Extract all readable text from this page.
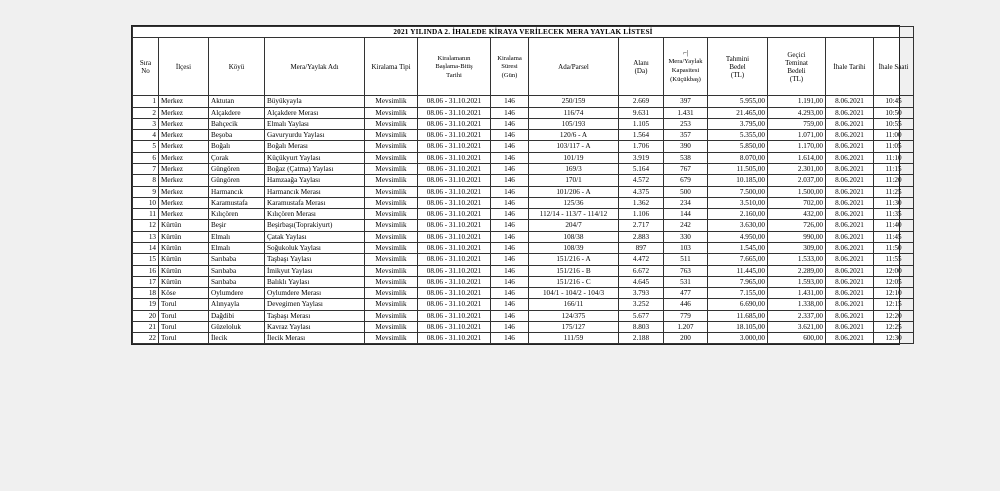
2021 YILINDA 2. İHALEDE KİRAYA VERİLECEK MERA YAYLAK LİSTESİ													
Sıra
No	İlçesi	Köyü	Mera/Yaylak Adı	Kiralama Tipi	Kiralamanın
Başlama-Bitiş
Tarihi	Kiralama
Süresi
(Gün)	Ada/Parsel	Alanı
(Da)	⌐|
Mera/Yaylak
Kapasitesi
(Küçükbaş)	Tahmini
Bedel
(TL)	Geçici
Teminat
Bedeli
(TL)	İhale Tarihi	İhale Saati
1	Merkez	Aktutan	Büyükyayla	Mevsimlik	08.06 - 31.10.2021	146	250/159	2.669	397	5.955,00	1.191,00	8.06.2021	10:45
2	Merkez	Alçakdere	Alçakdere Merası	Mevsimlik	08.06 - 31.10.2021	146	116/74	9.631	1.431	21.465,00	4.293,00	8.06.2021	10:50
3	Merkez	Bahçecik	Elmalı Yaylası	Mevsimlik	08.06 - 31.10.2021	146	105/193	1.105	253	3.795,00	759,00	8.06.2021	10:55
4	Merkez	Beşoba	Gavuryurdu Yaylası	Mevsimlik	08.06 - 31.10.2021	146	120/6 - A	1.564	357	5.355,00	1.071,00	8.06.2021	11:00
5	Merkez	Boğalı	Boğalı Merası	Mevsimlik	08.06 - 31.10.2021	146	103/117 - A	1.706	390	5.850,00	1.170,00	8.06.2021	11:05
6	Merkez	Çorak	Küçükyurt Yaylası	Mevsimlik	08.06 - 31.10.2021	146	101/19	3.919	538	8.070,00	1.614,00	8.06.2021	11:10
7	Merkez	Güngören	Boğaz (Çatma) Yaylası	Mevsimlik	08.06 - 31.10.2021	146	169/3	5.164	767	11.505,00	2.301,00	8.06.2021	11:15
8	Merkez	Güngören	Hamzaağa Yaylası	Mevsimlik	08.06 - 31.10.2021	146	170/1	4.572	679	10.185,00	2.037,00	8.06.2021	11:20
9	Merkez	Harmancık	Harmancık Merası	Mevsimlik	08.06 - 31.10.2021	146	101/206 - A	4.375	500	7.500,00	1.500,00	8.06.2021	11:25
10	Merkez	Karamustafa	Karamustafa Merası	Mevsimlik	08.06 - 31.10.2021	146	125/36	1.362	234	3.510,00	702,00	8.06.2021	11:30
11	Merkez	Kılıçören	Kılıçören Merası	Mevsimlik	08.06 - 31.10.2021	146	112/14 - 113/7 - 114/12	1.106	144	2.160,00	432,00	8.06.2021	11:35
12	Kürtün	Beşir	Beşirbaşı(Toprakiyurt)	Mevsimlik	08.06 - 31.10.2021	146	204/7	2.717	242	3.630,00	726,00	8.06.2021	11:40
13	Kürtün	Elmalı	Çatak Yaylası	Mevsimlik	08.06 - 31.10.2021	146	108/38	2.883	330	4.950,00	990,00	8.06.2021	11:45
14	Kürtün	Elmalı	Soğukoluk Yaylası	Mevsimlik	08.06 - 31.10.2021	146	108/39	897	103	1.545,00	309,00	8.06.2021	11:50
15	Kürtün	Sarıbaba	Taşbaşı Yaylası	Mevsimlik	08.06 - 31.10.2021	146	151/216 - A	4.472	511	7.665,00	1.533,00	8.06.2021	11:55
16	Kürtün	Sarıbaba	İmikyut Yaylası	Mevsimlik	08.06 - 31.10.2021	146	151/216 - B	6.672	763	11.445,00	2.289,00	8.06.2021	12:00
17	Kürtün	Sarıbaba	Balıklı Yaylası	Mevsimlik	08.06 - 31.10.2021	146	151/216 - C	4.645	531	7.965,00	1.593,00	8.06.2021	12:05
18	Köse	Oylumdere	Oylumdere Merası	Mevsimlik	08.06 - 31.10.2021	146	104/1 - 104/2 - 104/3	3.793	477	7.155,00	1.431,00	8.06.2021	12:10
19	Torul	Alınyayla	Devegimen Yaylası	Mevsimlik	08.06 - 31.10.2021	146	166/11	3.252	446	6.690,00	1.338,00	8.06.2021	12:15
20	Torul	Dağdibi	Taşbaşı Merası	Mevsimlik	08.06 - 31.10.2021	146	124/375	5.677	779	11.685,00	2.337,00	8.06.2021	12:20
21	Torul	Güzeloluk	Kavraz Yaylası	Mevsimlik	08.06 - 31.10.2021	146	175/127	8.803	1.207	18.105,00	3.621,00	8.06.2021	12:25
22	Torul	İlecik	İlecik Merası	Mevsimlik	08.06 - 31.10.2021	146	111/59	2.188	200	3.000,00	600,00	8.06.2021	12:30
